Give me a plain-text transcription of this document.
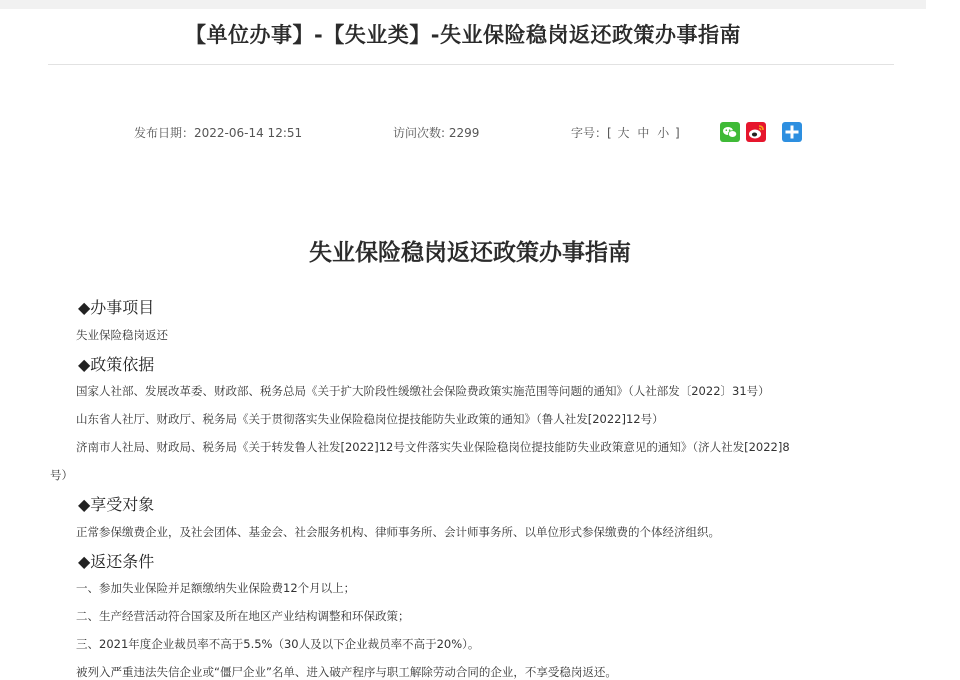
【单位办事】-【失业类】-失业保险稳岗返还政策办事指南
发布日期：2022-06-14 12:51	访问次数: 2299	字号：[ 大 中 小 ]
失业保险稳岗返还政策办事指南
◆办事项目
失业保险稳岗返还
◆政策依据
国家人社部、发展改革委、财政部、税务总局《关于扩大阶段性缓缴社会保险费政策实施范围等问题的通知》（人社部发〔2022〕31号）
山东省人社厅、财政厅、税务局《关于贯彻落实失业保险稳岗位提技能防失业政策的通知》（鲁人社发[2022]12号）
济南市人社局、财政局、税务局《关于转发鲁人社发[2022]12号文件落实失业保险稳岗位提技能防失业政策意见的通知》（济人社发[2022]8
号）
◆享受对象
正常参保缴费企业，及社会团体、基金会、社会服务机构、律师事务所、会计师事务所、以单位形式参保缴费的个体经济组织。
◆返还条件
一、参加失业保险并足额缴纳失业保险费12个月以上；
二、生产经营活动符合国家及所在地区产业结构调整和环保政策；
三、2021年度企业裁员率不高于5.5%（30人及以下企业裁员率不高于20%）。
被列入严重违法失信企业或“僵尸企业”名单、进入破产程序与职工解除劳动合同的企业，不享受稳岗返还。
